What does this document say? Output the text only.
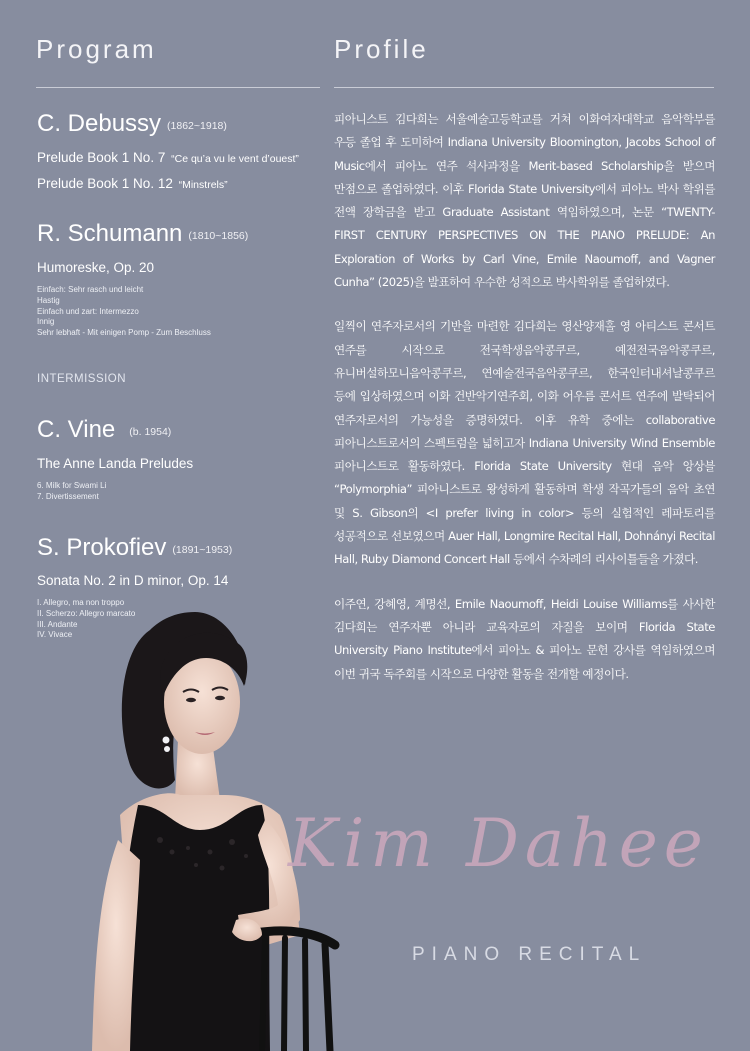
Program	Profile
C. Debussy (1862~1918)
Prelude Book 1 No. 7 “Ce qu’a vu le vent d’ouest”
Prelude Book 1 No. 12 “Minstrels”
R. Schumann (1810~1856)
Humoreske, Op. 20
Einfach: Sehr rasch und leicht
Hastig
Einfach und zart: Intermezzo
Innig
Sehr lebhaft - Mit einigen Pomp - Zum Beschluss
INTERMISSION
C. Vine (b. 1954)
The Anne Landa Preludes
6. Milk for Swami Li
7. Divertissement
S. Prokofiev (1891~1953)
Sonata No. 2 in D minor, Op. 14
I. Allegro, ma non troppo
II. Scherzo: Allegro marcato
III. Andante
IV. Vivace

피아니스트 김다희는 서울예술고등학교를 거쳐 이화여자대학교 음악학부를 우등 졸업 후 도미하여 Indiana University Bloomington, Jacobs School of Music에서 피아노 연주 석사과정을 Merit-based Scholarship을 받으며 만점으로 졸업하였다. 이후 Florida State University에서 피아노 박사 학위를 전액 장학금을 받고 Graduate Assistant 역임하였으며, 논문 “TWENTY-FIRST CENTURY PERSPECTIVES ON THE PIANO PRELUDE: An Exploration of Works by Carl Vine, Emile Naoumoff, and Vagner Cunha” (2025)을 발표하여 우수한 성적으로 박사학위를 졸업하였다.

일찍이 연주자로서의 기반을 마련한 김다희는 영산양재홀 영 아티스트 콘서트 연주를 시작으로 전국학생음악콩쿠르, 예전전국음악콩쿠르, 유니버설하모니음악콩쿠르, 연예술전국음악콩쿠르, 한국인터내셔날콩쿠르 등에 입상하였으며 이화 건반악기연주회, 이화 어우름 콘서트 연주에 발탁되어 연주자로서의 가능성을 증명하였다. 이후 유학 중에는 collaborative 피아니스트로서의 스펙트럼을 넓히고자 Indiana University Wind Ensemble 피아니스트로 활동하였다. Florida State University 현대 음악 앙상블 “Polymorphia” 피아니스트로 왕성하게 활동하며 학생 작곡가들의 음악 초연 및 S. Gibson의 <I prefer living in color> 등의 실험적인 레파토리를 성공적으로 선보였으며 Auer Hall, Longmire Recital Hall, Dohnányi Recital Hall, Ruby Diamond Concert Hall 등에서 수차례의 리사이틀들을 가졌다.

이주연, 강혜영, 계명선, Emile Naoumoff, Heidi Louise Williams를 사사한 김다희는 연주자뿐 아니라 교육자로의 자질을 보이며 Florida State University Piano Institute에서 피아노 & 피아노 문헌 강사를 역임하였으며 이번 귀국 독주회를 시작으로 다양한 활동을 전개할 예정이다.

Kim Dahee
PIANO RECITAL
